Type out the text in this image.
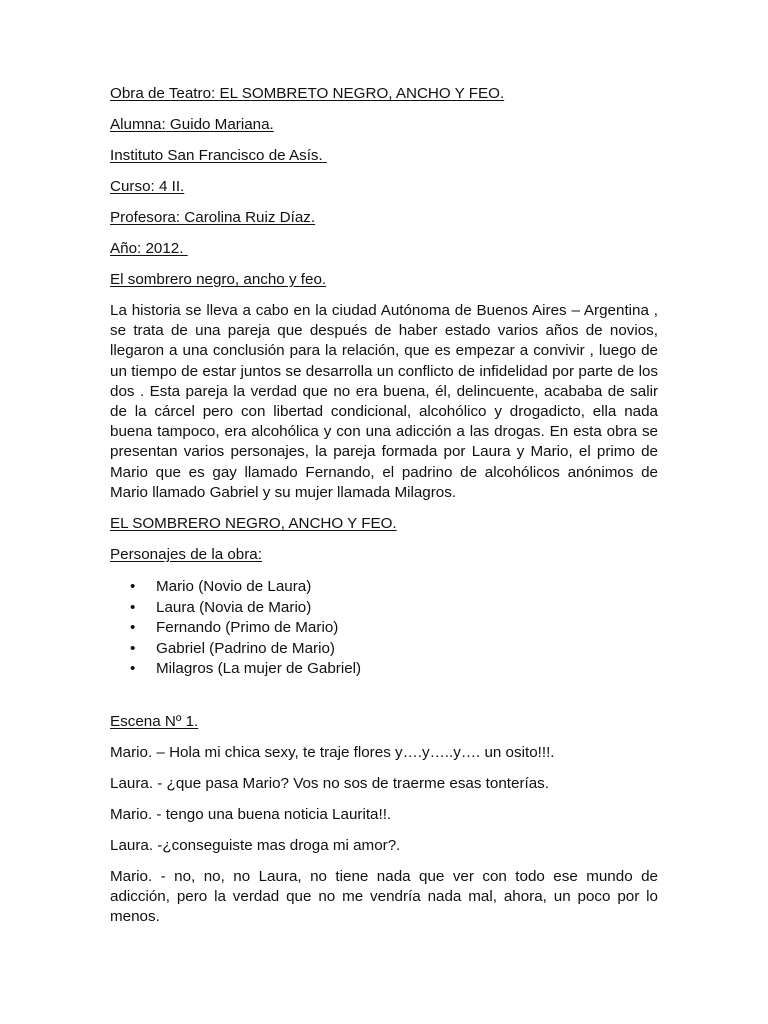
Obra de Teatro: EL SOMBRETO NEGRO, ANCHO Y FEO.

Alumna: Guido Mariana.

Instituto San Francisco de Asís.

Curso: 4 II.

Profesora: Carolina Ruiz Díaz.

Año: 2012.

El sombrero negro, ancho y feo.

La historia se lleva a cabo en la ciudad Autónoma de Buenos Aires – Argentina , se trata de una pareja que después de haber estado varios años de novios, llegaron a una conclusión para la relación, que es empezar a convivir , luego de un tiempo de estar juntos se desarrolla un conflicto de infidelidad por parte de los dos . Esta pareja la verdad que no era buena, él, delincuente, acababa de salir de la cárcel pero con libertad condicional, alcohólico y drogadicto, ella nada buena tampoco, era alcohólica y con una adicción a las drogas. En esta obra se presentan varios personajes, la pareja formada por Laura y Mario, el primo de Mario que es gay llamado Fernando, el padrino de alcohólicos anónimos de Mario llamado Gabriel y su mujer llamada Milagros.

EL SOMBRERO NEGRO, ANCHO Y FEO.

Personajes de la obra:

• Mario (Novio de Laura)
• Laura (Novia de Mario)
• Fernando (Primo de Mario)
• Gabriel (Padrino de Mario)
• Milagros (La mujer de Gabriel)

Escena Nº 1.

Mario. – Hola mi chica sexy, te traje flores y….y…..y…. un osito!!!.

Laura. - ¿que pasa Mario? Vos no sos de traerme esas tonterías.

Mario. - tengo una buena noticia Laurita!!.

Laura. -¿conseguiste mas droga mi amor?.

Mario. - no, no, no Laura, no tiene nada que ver con todo ese mundo de adicción, pero la verdad que no me vendría nada mal, ahora, un poco por lo menos.
